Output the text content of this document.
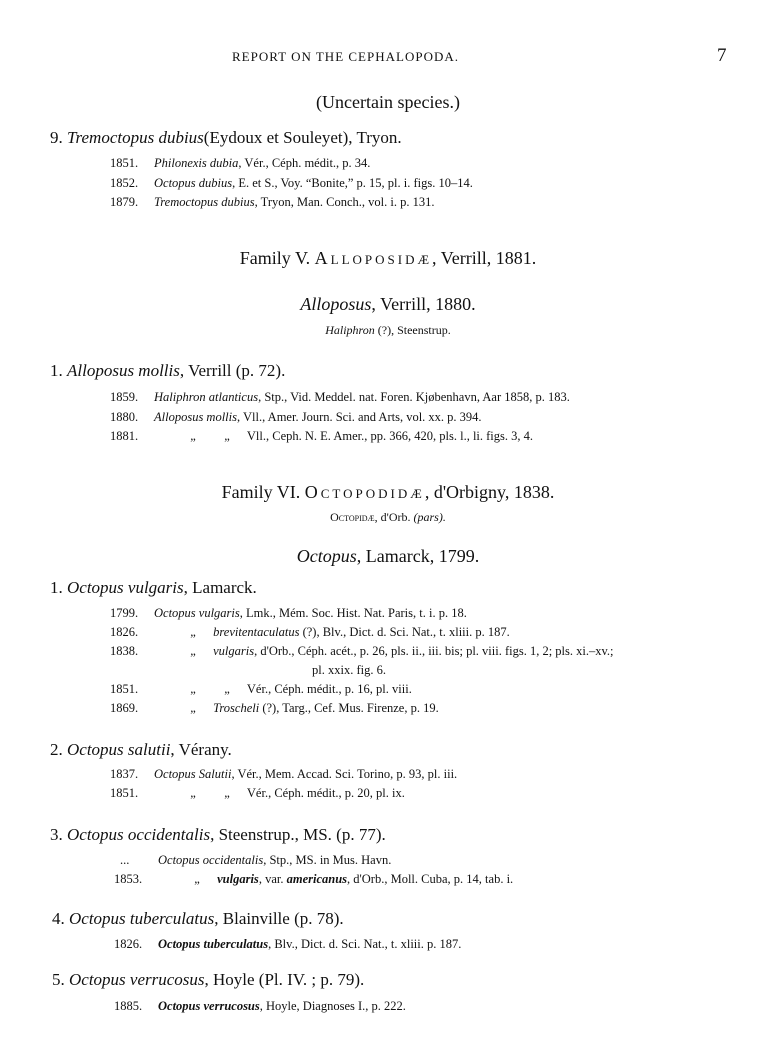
REPORT ON THE CEPHALOPODA.	7
(Uncertain species.)
9. Tremoctopus dubius(Eydoux et Souleyet), Tryon.
1851. Philonexis dubia, Vér., Céph. médit., p. 34.
1852. Octopus dubius, E. et S., Voy. “Bonite,” p. 15, pl. i. figs. 10–14.
1879. Tremoctopus dubius, Tryon, Man. Conch., vol. i. p. 131.
Family V. Alloposidæ, Verrill, 1881.
Alloposus, Verrill, 1880.
Haliphron (?), Steenstrup.
1. Alloposus mollis, Verrill (p. 72).
1859. Haliphron atlanticus, Stp., Vid. Meddel. nat. Foren. Kjøbenhavn, Aar 1858, p. 183.
1880. Alloposus mollis, Vll., Amer. Journ. Sci. and Arts, vol. xx. p. 394.
1881.	„ „ Vll., Ceph. N. E. Amer., pp. 366, 420, pls. l., li. figs. 3, 4.
Family VI. Octopodidæ, d'Orbigny, 1838.
Octopidæ, d'Orb. (pars).
Octopus, Lamarck, 1799.
1. Octopus vulgaris, Lamarck.
1799. Octopus vulgaris, Lmk., Mém. Soc. Hist. Nat. Paris, t. i. p. 18.
1826.	„ brevitentaculatus (?), Blv., Dict. d. Sci. Nat., t. xliii. p. 187.
1838.	„ vulgaris, d'Orb., Céph. acét., p. 26, pls. ii., iii. bis; pl. viii. figs. 1, 2; pls. xi.–xv.;
pl. xxix. fig. 6.
1851.	„ „ Vér., Céph. médit., p. 16, pl. viii.
1869.	„ Troscheli (?), Targ., Cef. Mus. Firenze, p. 19.
2. Octopus salutii, Vérany.
1837. Octopus Salutii, Vér., Mem. Accad. Sci. Torino, p. 93, pl. iii.
1851.	„ „ Vér., Céph. médit., p. 20, pl. ix.
3. Octopus occidentalis, Steenstrup., MS. (p. 77).
... Octopus occidentalis, Stp., MS. in Mus. Havn.
1853.	„ vulgaris, var. americanus, d'Orb., Moll. Cuba, p. 14, tab. i.
4. Octopus tuberculatus, Blainville (p. 78).
1826. Octopus tuberculatus, Blv., Dict. d. Sci. Nat., t. xliii. p. 187.
5. Octopus verrucosus, Hoyle (Pl. IV. ; p. 79).
1885. Octopus verrucosus, Hoyle, Diagnoses I., p. 222.
